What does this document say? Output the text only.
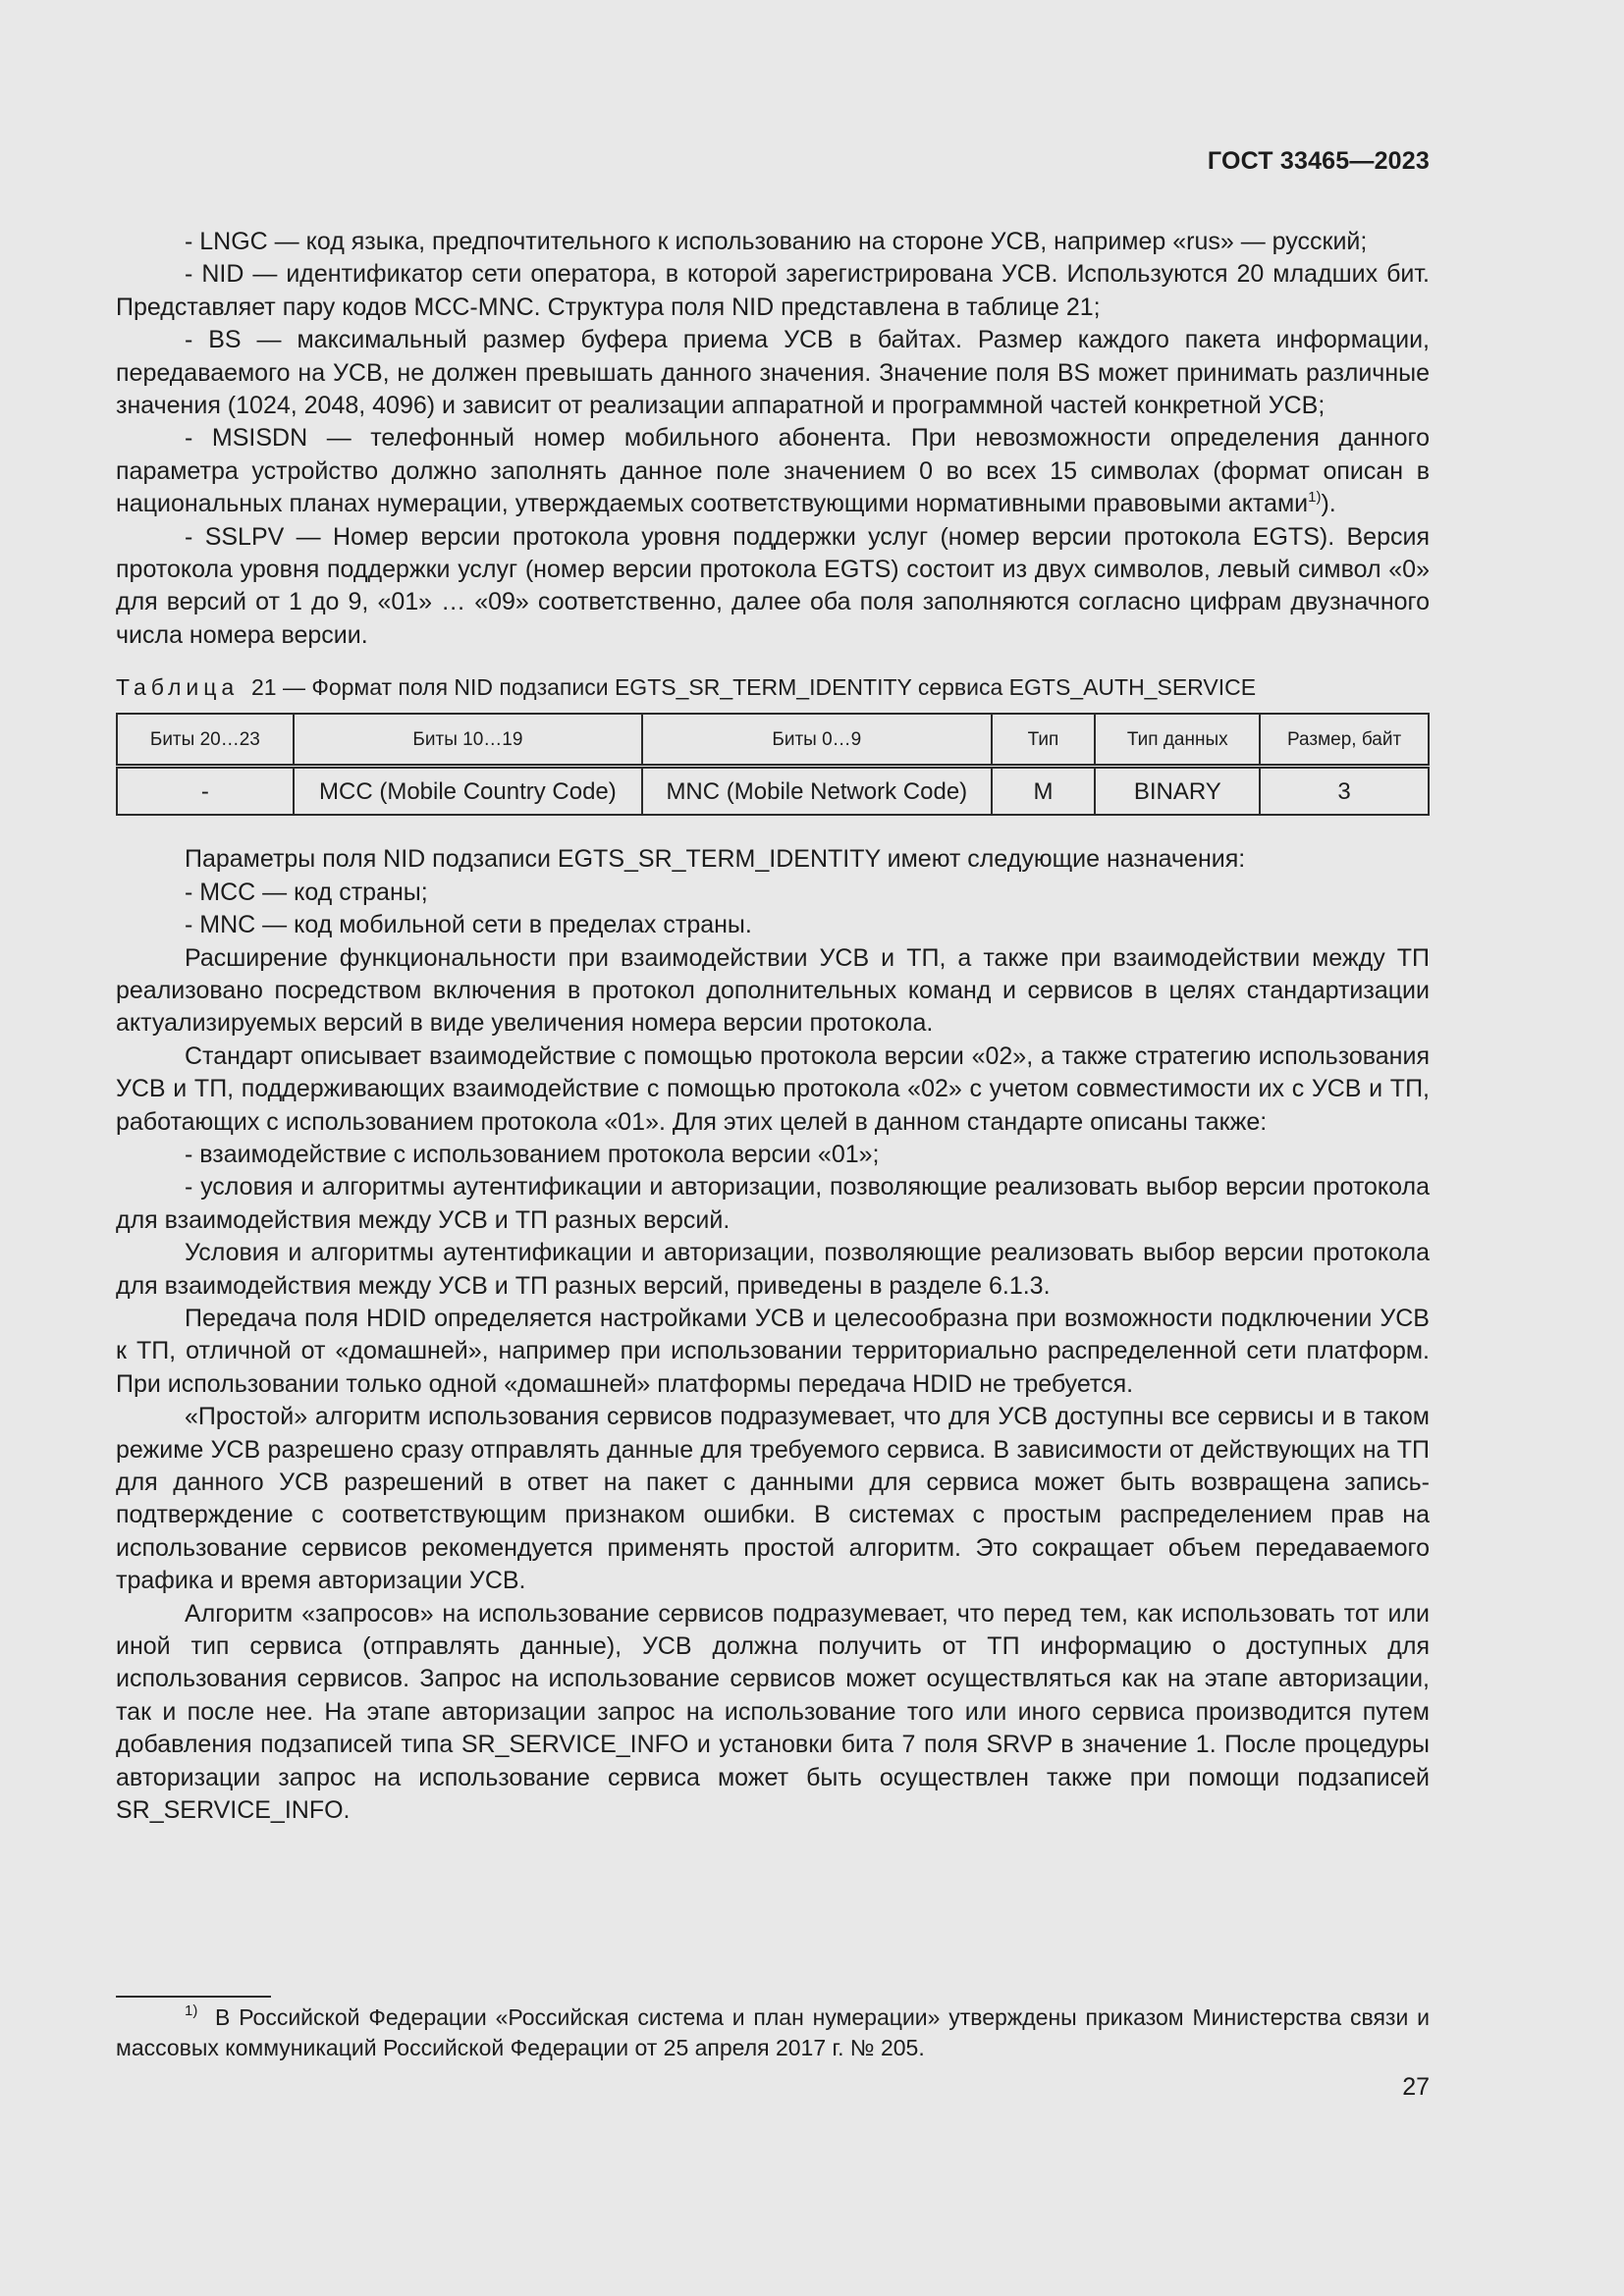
ГОСТ 33465—2023

- LNGC — код языка, предпочтительного к использованию на стороне УСВ, например «rus» — русский;

- NID — идентификатор сети оператора, в которой зарегистрирована УСВ. Используются 20 младших бит. Представляет пару кодов MCC-MNC. Структура поля NID представлена в таблице 21;

- BS — максимальный размер буфера приема УСВ в байтах. Размер каждого пакета информации, передаваемого на УСВ, не должен превышать данного значения. Значение поля BS может принимать различные значения (1024, 2048, 4096) и зависит от реализации аппаратной и программной частей конкретной УСВ;

- MSISDN — телефонный номер мобильного абонента. При невозможности определения данного параметра устройство должно заполнять данное поле значением 0 во всех 15 символах (формат описан в национальных планах нумерации, утверждаемых соответствующими нормативными правовыми актами$^{1)}$).

- SSLPV — Номер версии протокола уровня поддержки услуг (номер версии протокола EGTS). Версия протокола уровня поддержки услуг (номер версии протокола EGTS) состоит из двух символов, левый символ «0» для версий от 1 до 9, «01» … «09» соответственно, далее оба поля заполняются согласно цифрам двузначного числа номера версии.

Таблица 21 — Формат поля NID подзаписи EGTS_SR_TERM_IDENTITY сервиса EGTS_AUTH_SERVICE
Биты 20…23	Биты 10…19	Биты 0…9	Тип	Тип данных	Размер, байт
-	MCC (Mobile Country Code)	MNC (Mobile Network Code)	M	BINARY	3

Параметры поля NID подзаписи EGTS_SR_TERM_IDENTITY имеют следующие назначения:

- MCC — код страны;

- MNC — код мобильной сети в пределах страны.

Расширение функциональности при взаимодействии УСВ и ТП, а также при взаимодействии между ТП реализовано посредством включения в протокол дополнительных команд и сервисов в целях стандартизации актуализируемых версий в виде увеличения номера версии протокола.

Стандарт описывает взаимодействие с помощью протокола версии «02», а также стратегию использования УСВ и ТП, поддерживающих взаимодействие с помощью протокола «02» с учетом совместимости их с УСВ и ТП, работающих с использованием протокола «01». Для этих целей в данном стандарте описаны также:

- взаимодействие с использованием протокола версии «01»;

- условия и алгоритмы аутентификации и авторизации, позволяющие реализовать выбор версии протокола для взаимодействия между УСВ и ТП разных версий.

Условия и алгоритмы аутентификации и авторизации, позволяющие реализовать выбор версии протокола для взаимодействия между УСВ и ТП разных версий, приведены в разделе 6.1.3.

Передача поля HDID определяется настройками УСВ и целесообразна при возможности подключении УСВ к ТП, отличной от «домашней», например при использовании территориально распределенной сети платформ. При использовании только одной «домашней» платформы передача HDID не требуется.

«Простой» алгоритм использования сервисов подразумевает, что для УСВ доступны все сервисы и в таком режиме УСВ разрешено сразу отправлять данные для требуемого сервиса. В зависимости от действующих на ТП для данного УСВ разрешений в ответ на пакет с данными для сервиса может быть возвращена запись-подтверждение с соответствующим признаком ошибки. В системах с простым распределением прав на использование сервисов рекомендуется применять простой алгоритм. Это сокращает объем передаваемого трафика и время авторизации УСВ.

Алгоритм «запросов» на использование сервисов подразумевает, что перед тем, как использовать тот или иной тип сервиса (отправлять данные), УСВ должна получить от ТП информацию о доступных для использования сервисов. Запрос на использование сервисов может осуществляться как на этапе авторизации, так и после нее. На этапе авторизации запрос на использование того или иного сервиса производится путем добавления подзаписей типа SR_SERVICE_INFO и установки бита 7 поля SRVP в значение 1. После процедуры авторизации запрос на использование сервиса может быть осуществлен также при помощи подзаписей SR_SERVICE_INFO.

$^{1)}$ В Российской Федерации «Российская система и план нумерации» утверждены приказом Министерства связи и массовых коммуникаций Российской Федерации от 25 апреля 2017 г. № 205.
27
